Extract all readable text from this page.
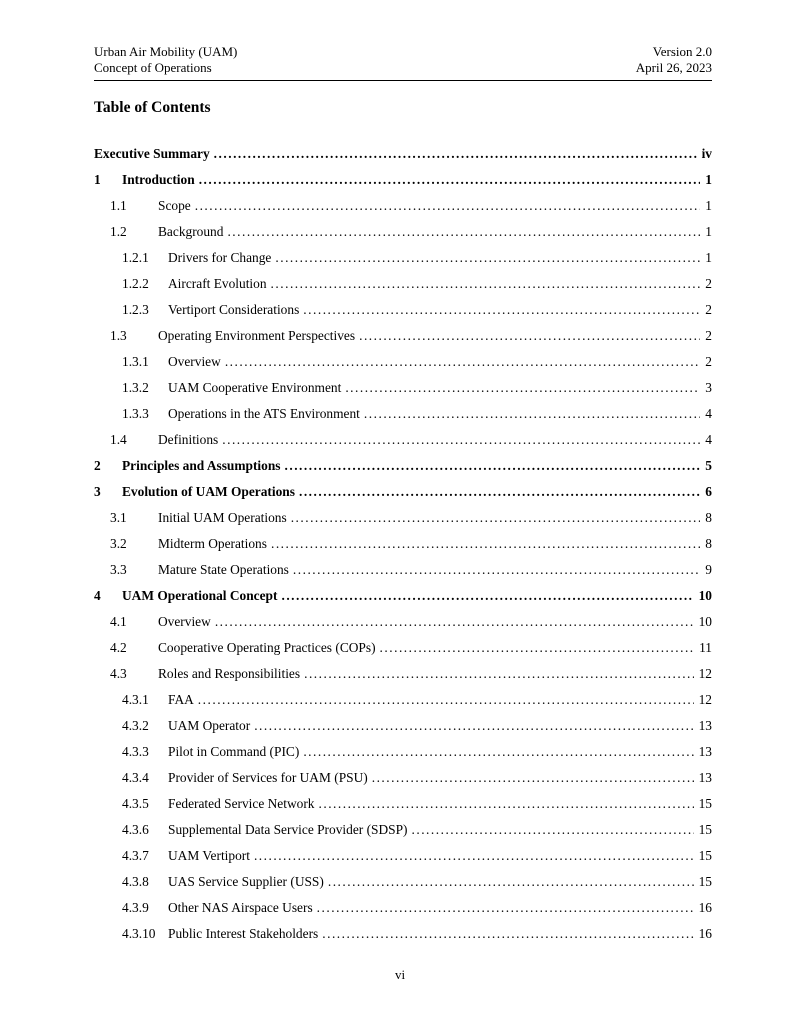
Urban Air Mobility (UAM)
Concept of Operations
Version 2.0
April 26, 2023
Table of Contents
Executive Summary .....	iv
1	Introduction .....	1
1.1	Scope .....	1
1.2	Background .....	1
1.2.1	Drivers for Change .....	1
1.2.2	Aircraft Evolution .....	2
1.2.3	Vertiport Considerations .....	2
1.3	Operating Environment Perspectives .....	2
1.3.1	Overview .....	2
1.3.2	UAM Cooperative Environment .....	3
1.3.3	Operations in the ATS Environment .....	4
1.4	Definitions .....	4
2	Principles and Assumptions .....	5
3	Evolution of UAM Operations .....	6
3.1	Initial UAM Operations .....	8
3.2	Midterm Operations .....	8
3.3	Mature State Operations .....	9
4	UAM Operational Concept .....	10
4.1	Overview .....	10
4.2	Cooperative Operating Practices (COPs) .....	11
4.3	Roles and Responsibilities .....	12
4.3.1	FAA .....	12
4.3.2	UAM Operator .....	13
4.3.3	Pilot in Command (PIC) .....	13
4.3.4	Provider of Services for UAM (PSU) .....	13
4.3.5	Federated Service Network .....	15
4.3.6	Supplemental Data Service Provider (SDSP) .....	15
4.3.7	UAM Vertiport .....	15
4.3.8	UAS Service Supplier (USS) .....	15
4.3.9	Other NAS Airspace Users .....	16
4.3.10 Public Interest Stakeholders .....	16
vi
